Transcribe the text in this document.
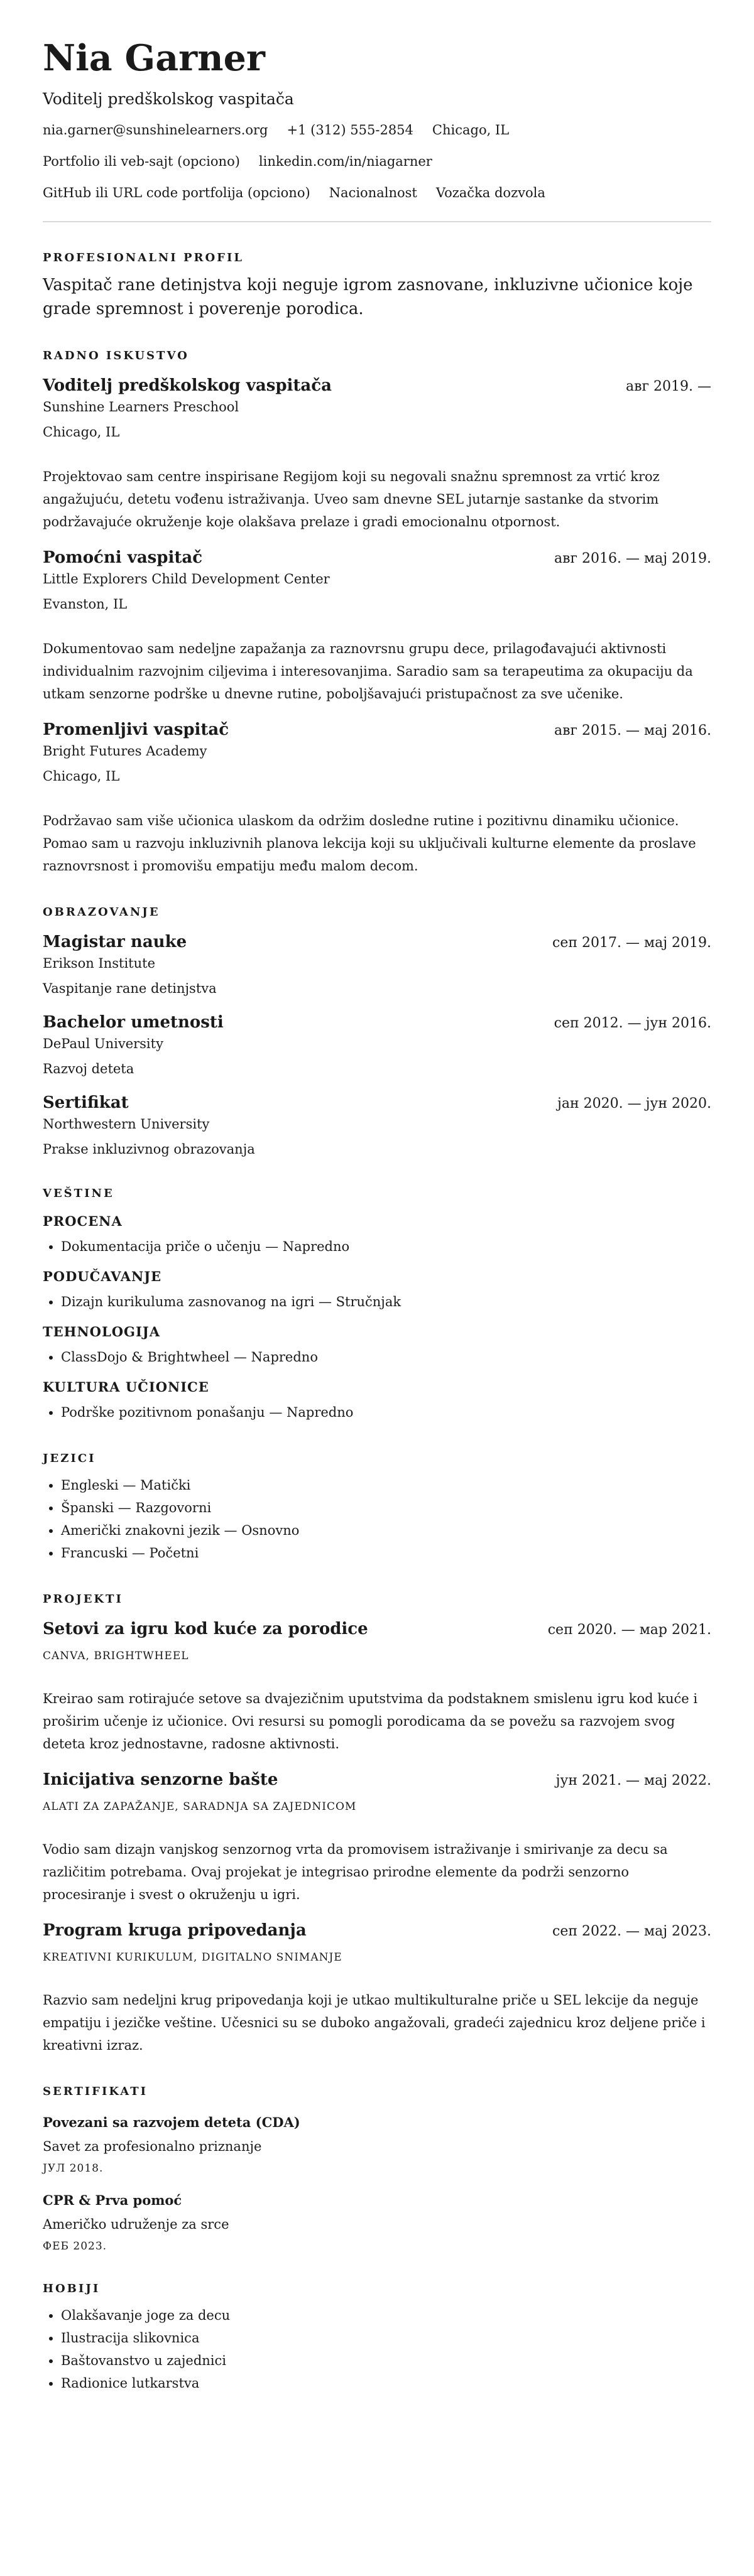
Nia Garner
Voditelj predškolskog vaspitača
nia.garner@sunshinelearners.org +1 (312) 555-2854 Chicago, IL
Portfolio ili veb-sajt (opciono) linkedin.com/in/niagarner
GitHub ili URL code portfolija (opciono) Nacionalnost Vozačka dozvola
PROFESIONALNI PROFIL
Vaspitač rane detinjstva koji neguje igrom zasnovane, inkluzivne učionice koje grade spremnost i poverenje porodica.
RADNO ISKUSTVO
Voditelj predškolskog vaspitača	авг 2019. —
Sunshine Learners Preschool
Chicago, IL
Projektovao sam centre inspirisane Regijom koji su negovali snažnu spremnost za vrtić kroz angažujuću, detetu vođenu istraživanja. Uveo sam dnevne SEL jutarnje sastanke da stvorim podržavajuće okruženje koje olakšava prelaze i gradi emocionalnu otpornost.
Pomoćni vaspitač	авг 2016. — мај 2019.
Little Explorers Child Development Center
Evanston, IL
Dokumentovao sam nedeljne zapažanja za raznovrsnu grupu dece, prilagođavajući aktivnosti individualnim razvojnim ciljevima i interesovanjima. Saradio sam sa terapeutima za okupaciju da utkam senzorne podrške u dnevne rutine, poboljšavajući pristupačnost za sve učenike.
Promenljivi vaspitač	авг 2015. — мај 2016.
Bright Futures Academy
Chicago, IL
Podržavao sam više učionica ulaskom da održim dosledne rutine i pozitivnu dinamiku učionice. Pomao sam u razvoju inkluzivnih planova lekcija koji su uključivali kulturne elemente da proslave raznovrsnost i promovišu empatiju među malom decom.
OBRAZOVANJE
Magistar nauke	сеп 2017. — мај 2019.
Erikson Institute
Vaspitanje rane detinjstva
Bachelor umetnosti	сеп 2012. — јун 2016.
DePaul University
Razvoj deteta
Sertifikat	јан 2020. — јун 2020.
Northwestern University
Prakse inkluzivnog obrazovanja
VEŠTINE
PROCENA
• Dokumentacija priče o učenju — Napredno
PODUČAVANJE
• Dizajn kurikuluma zasnovanog na igri — Stručnjak
TEHNOLOGIJA
• ClassDojo & Brightwheel — Napredno
KULTURA UČIONICE
• Podrške pozitivnom ponašanju — Napredno
JEZICI
• Engleski — Matički
• Španski — Razgovorni
• Američki znakovni jezik — Osnovno
• Francuski — Početni
PROJEKTI
Setovi za igru kod kuće za porodice	сеп 2020. — мар 2021.
CANVA, BRIGHTWHEEL
Kreirao sam rotirajuće setove sa dvajezičnim uputstvima da podstaknem smislenu igru kod kuće i proširim učenje iz učionice. Ovi resursi su pomogli porodicama da se povežu sa razvojem svog deteta kroz jednostavne, radosne aktivnosti.
Inicijativa senzorne bašte	јун 2021. — мај 2022.
ALATI ZA ZAPAŽANJE, SARADNJA SA ZAJEDNICOM
Vodio sam dizajn vanjskog senzornog vrta da promovisem istraživanje i smirivanje za decu sa različitim potrebama. Ovaj projekat je integrisao prirodne elemente da podrži senzorno procesiranje i svest o okruženju u igri.
Program kruga pripovedanja	сеп 2022. — мај 2023.
KREATIVNI KURIKULUM, DIGITALNO SNIMANJE
Razvio sam nedeljni krug pripovedanja koji je utkao multikulturalne priče u SEL lekcije da neguje empatiju i jezičke veštine. Učesnici su se duboko angažovali, gradeći zajednicu kroz deljene priče i kreativni izraz.
SERTIFIKATI
Povezani sa razvojem deteta (CDA)
Savet za profesionalno priznanje
ЈУЛ 2018.
CPR & Prva pomoć
Američko udruženje za srce
ФЕБ 2023.
HOBIJI
• Olakšavanje joge za decu
• Ilustracija slikovnica
• Baštovanstvo u zajednici
• Radionice lutkarstva
